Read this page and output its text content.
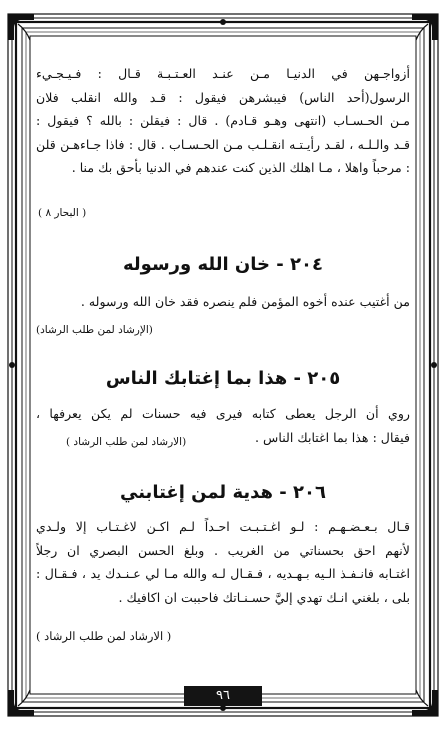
أزواجـهن في الدنيـا مـن عنـد العـتـبـة قـال : فـيـجـيء
الرسول(أحد الناس) فيبشرهن فيقول : قـد والله انقلب فلان
مـن الحـسـاب (انتهى وهـو قـادم) . قال : فيقلن : بالله ؟ فيقول :
قـد والـلـه ، لقـد رأيـتـه انقـلـب مـن الحـسـاب . قال : فاذا جـاءهـن قلن
: مرحباً واهلا ، مـا اهلك الذين كنت عندهم في الدنيا بأحق بك منا .

( البحار ٨ )

٢٠٤ - خان الله ورسوله
من أغتيب عنده أخوه المؤمن فلم ينصره فقد خان الله ورسوله .

(الإرشاد لمن طلب الرشاد)

٢٠٥ - هذا بما إغتابك الناس
روي أن الرجل يعطى كتابه فيرى فيه حسنات لم يكن يعرفها ،
فيقال : هذا بما اغتابك الناس .

(الارشاد لمن طلب الرشاد )

٢٠٦ - هدية لمن إغتابني
قـال بـعـضـهـم : لـو اغـتـبـت احـداً لـم اكـن لاغـتـاب إلا ولـدي
لأنهم احق بحسناتي من الغريب . وبلغ الحسن البصري ان رجلاً
اغتـابه فانـفـذ الـيه بـهـديه ، فـقـال لـه والله مـا لي عـنـدك يد ، فـقـال :
بلى ، بلغني انـك تهدي إليَّ حسـنـاتك فاحببت ان اكافيك .

( الارشاد لمن طلب الرشاد )

٩٦
